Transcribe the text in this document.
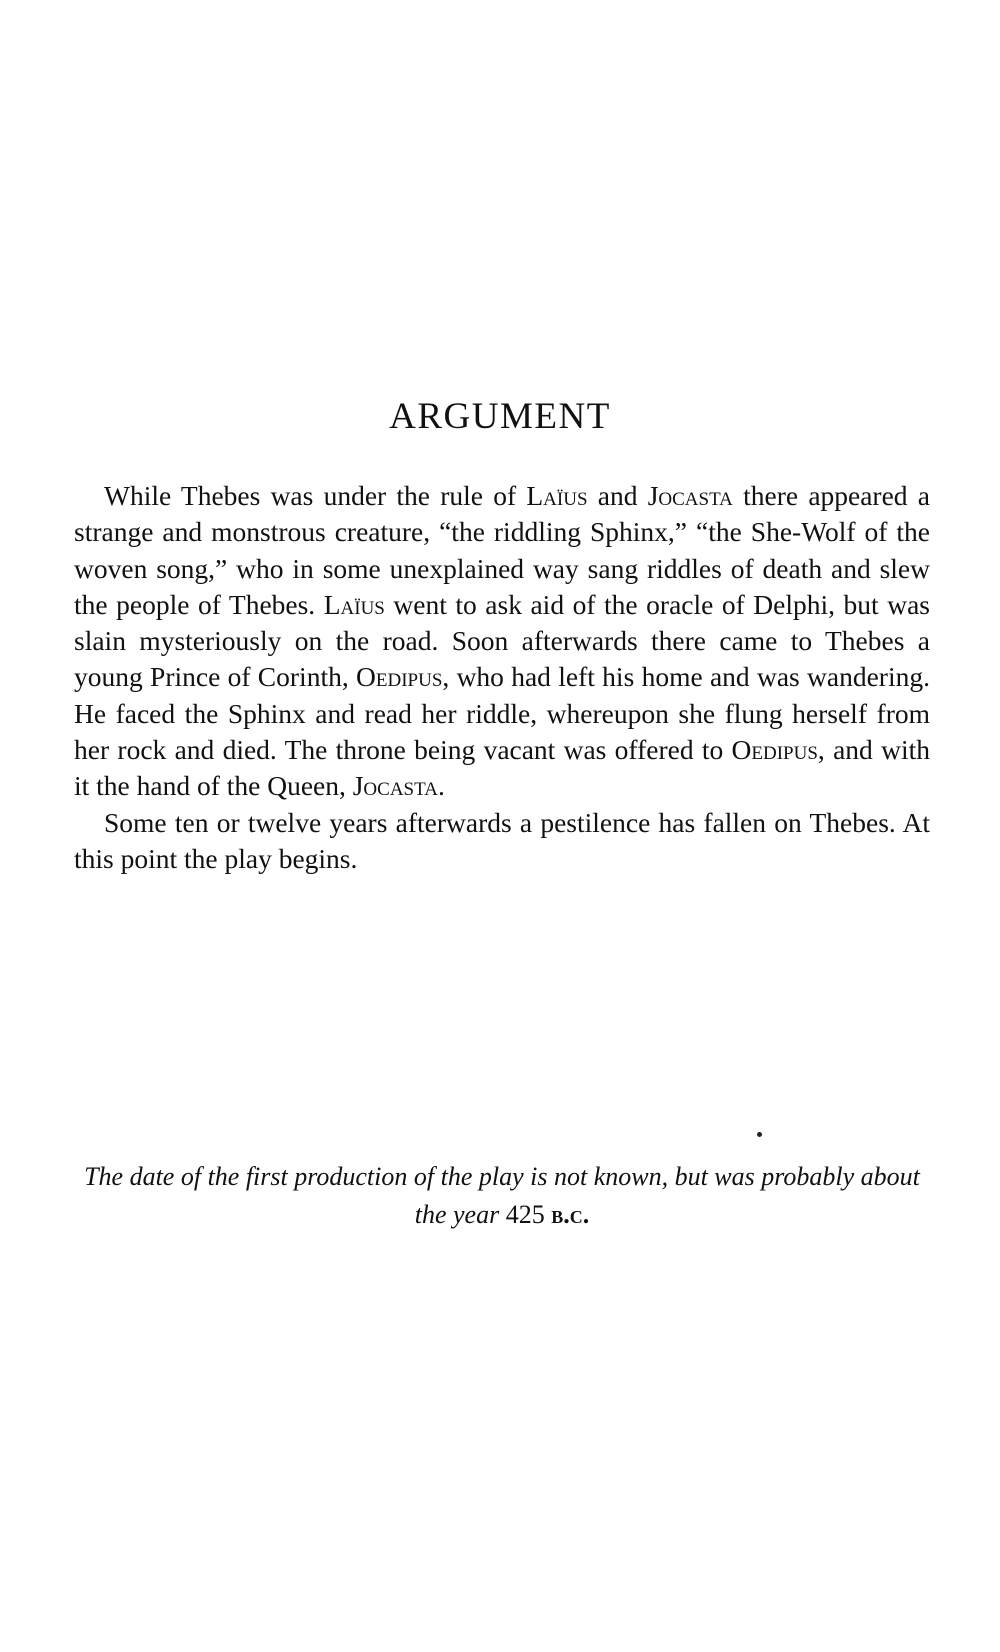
ARGUMENT

While Thebes was under the rule of Laïus and Jocasta there appeared a strange and monstrous creature, “the riddling Sphinx,” “the She-Wolf of the woven song,” who in some unexplained way sang riddles of death and slew the people of Thebes. Laïus went to ask aid of the oracle of Delphi, but was slain mysteriously on the road. Soon afterwards there came to Thebes a young Prince of Corinth, Oedipus, who had left his home and was wandering. He faced the Sphinx and read her riddle, whereupon she flung herself from her rock and died. The throne being vacant was offered to Oedipus, and with it the hand of the Queen, Jocasta.

Some ten or twelve years afterwards a pestilence has fallen on Thebes. At this point the play begins.

The date of the first production of the play is not known, but was probably about the year 425 b.c.
